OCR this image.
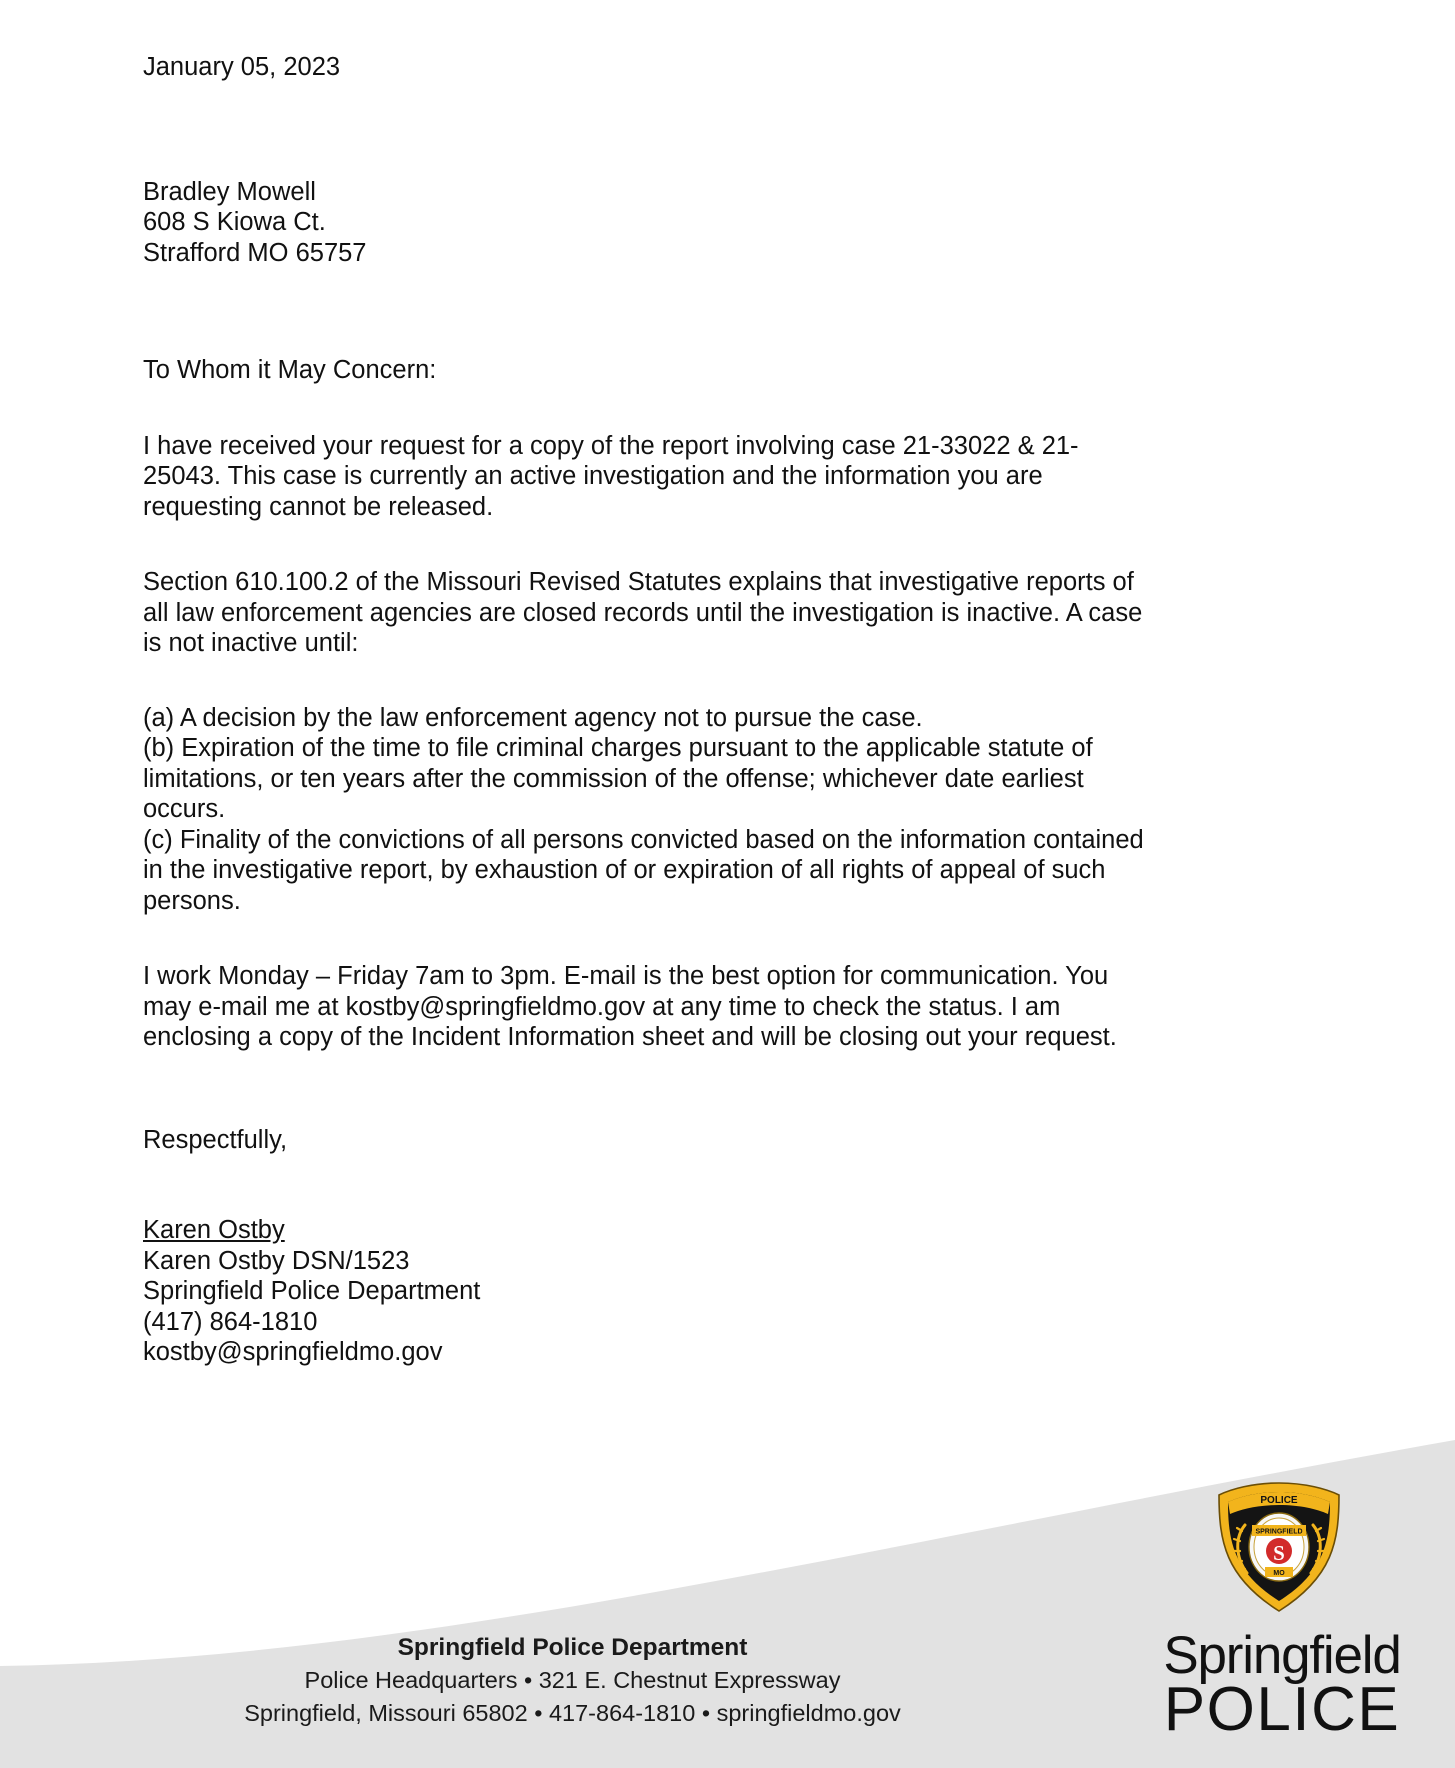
January 05, 2023
Bradley Mowell
608 S Kiowa Ct.
Strafford MO 65757
To Whom it May Concern:
I have received your request for a copy of the report involving case 21-33022 & 21-25043. This case is currently an active investigation and the information you are requesting cannot be released.
Section 610.100.2 of the Missouri Revised Statutes explains that investigative reports of all law enforcement agencies are closed records until the investigation is inactive. A case is not inactive until:
(a) A decision by the law enforcement agency not to pursue the case.
(b) Expiration of the time to file criminal charges pursuant to the applicable statute of limitations, or ten years after the commission of the offense; whichever date earliest occurs.
(c) Finality of the convictions of all persons convicted based on the information contained in the investigative report, by exhaustion of or expiration of all rights of appeal of such persons.
I work Monday – Friday 7am to 3pm. E-mail is the best option for communication. You may e-mail me at kostby@springfieldmo.gov at any time to check the status. I am enclosing a copy of the Incident Information sheet and will be closing out your request.
Respectfully,
Karen Ostby
Karen Ostby DSN/1523
Springfield Police Department
(417) 864-1810
kostby@springfieldmo.gov
Springfield Police Department
Police Headquarters • 321 E. Chestnut Expressway
Springfield, Missouri 65802 • 417-864-1810 • springfieldmo.gov
POLICE
SPRINGFIELD
S
MO
Springfield
POLICE
